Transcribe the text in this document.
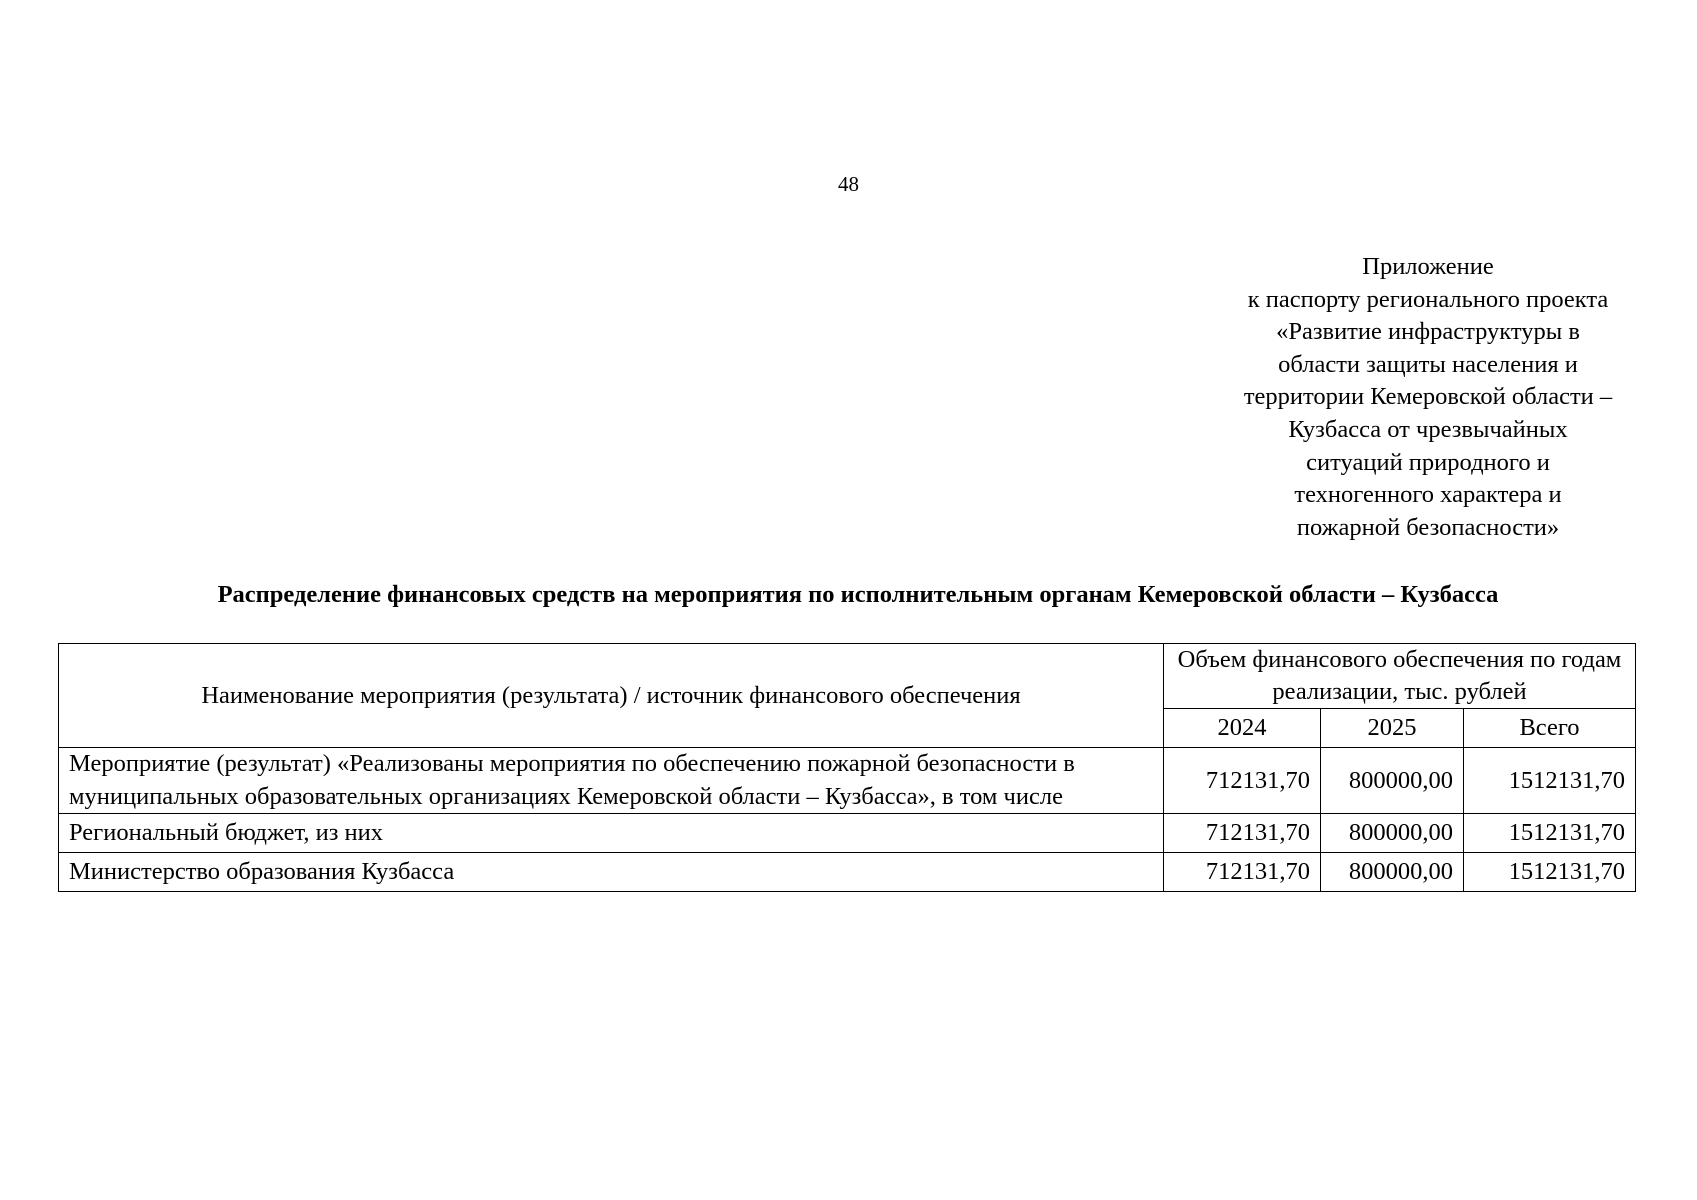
48
Приложение
к паспорту регионального проекта
«Развитие инфраструктуры в
области защиты населения и
территории Кемеровской области –
Кузбасса от чрезвычайных
ситуаций природного и
техногенного характера и
пожарной безопасности»
Распределение финансовых средств на мероприятия по исполнительным органам Кемеровской области – Кузбасса
Наименование мероприятия (результата) / источник финансового обеспечения	Объем финансового обеспечения по годам реализации, тыс. рублей		
	2024	2025	Всего
Мероприятие (результат) «Реализованы мероприятия по обеспечению пожарной безопасности в муниципальных образовательных организациях Кемеровской области – Кузбасса», в том числе	712131,70	800000,00	1512131,70
Региональный бюджет, из них	712131,70	800000,00	1512131,70
Министерство образования Кузбасса	712131,70	800000,00	1512131,70
